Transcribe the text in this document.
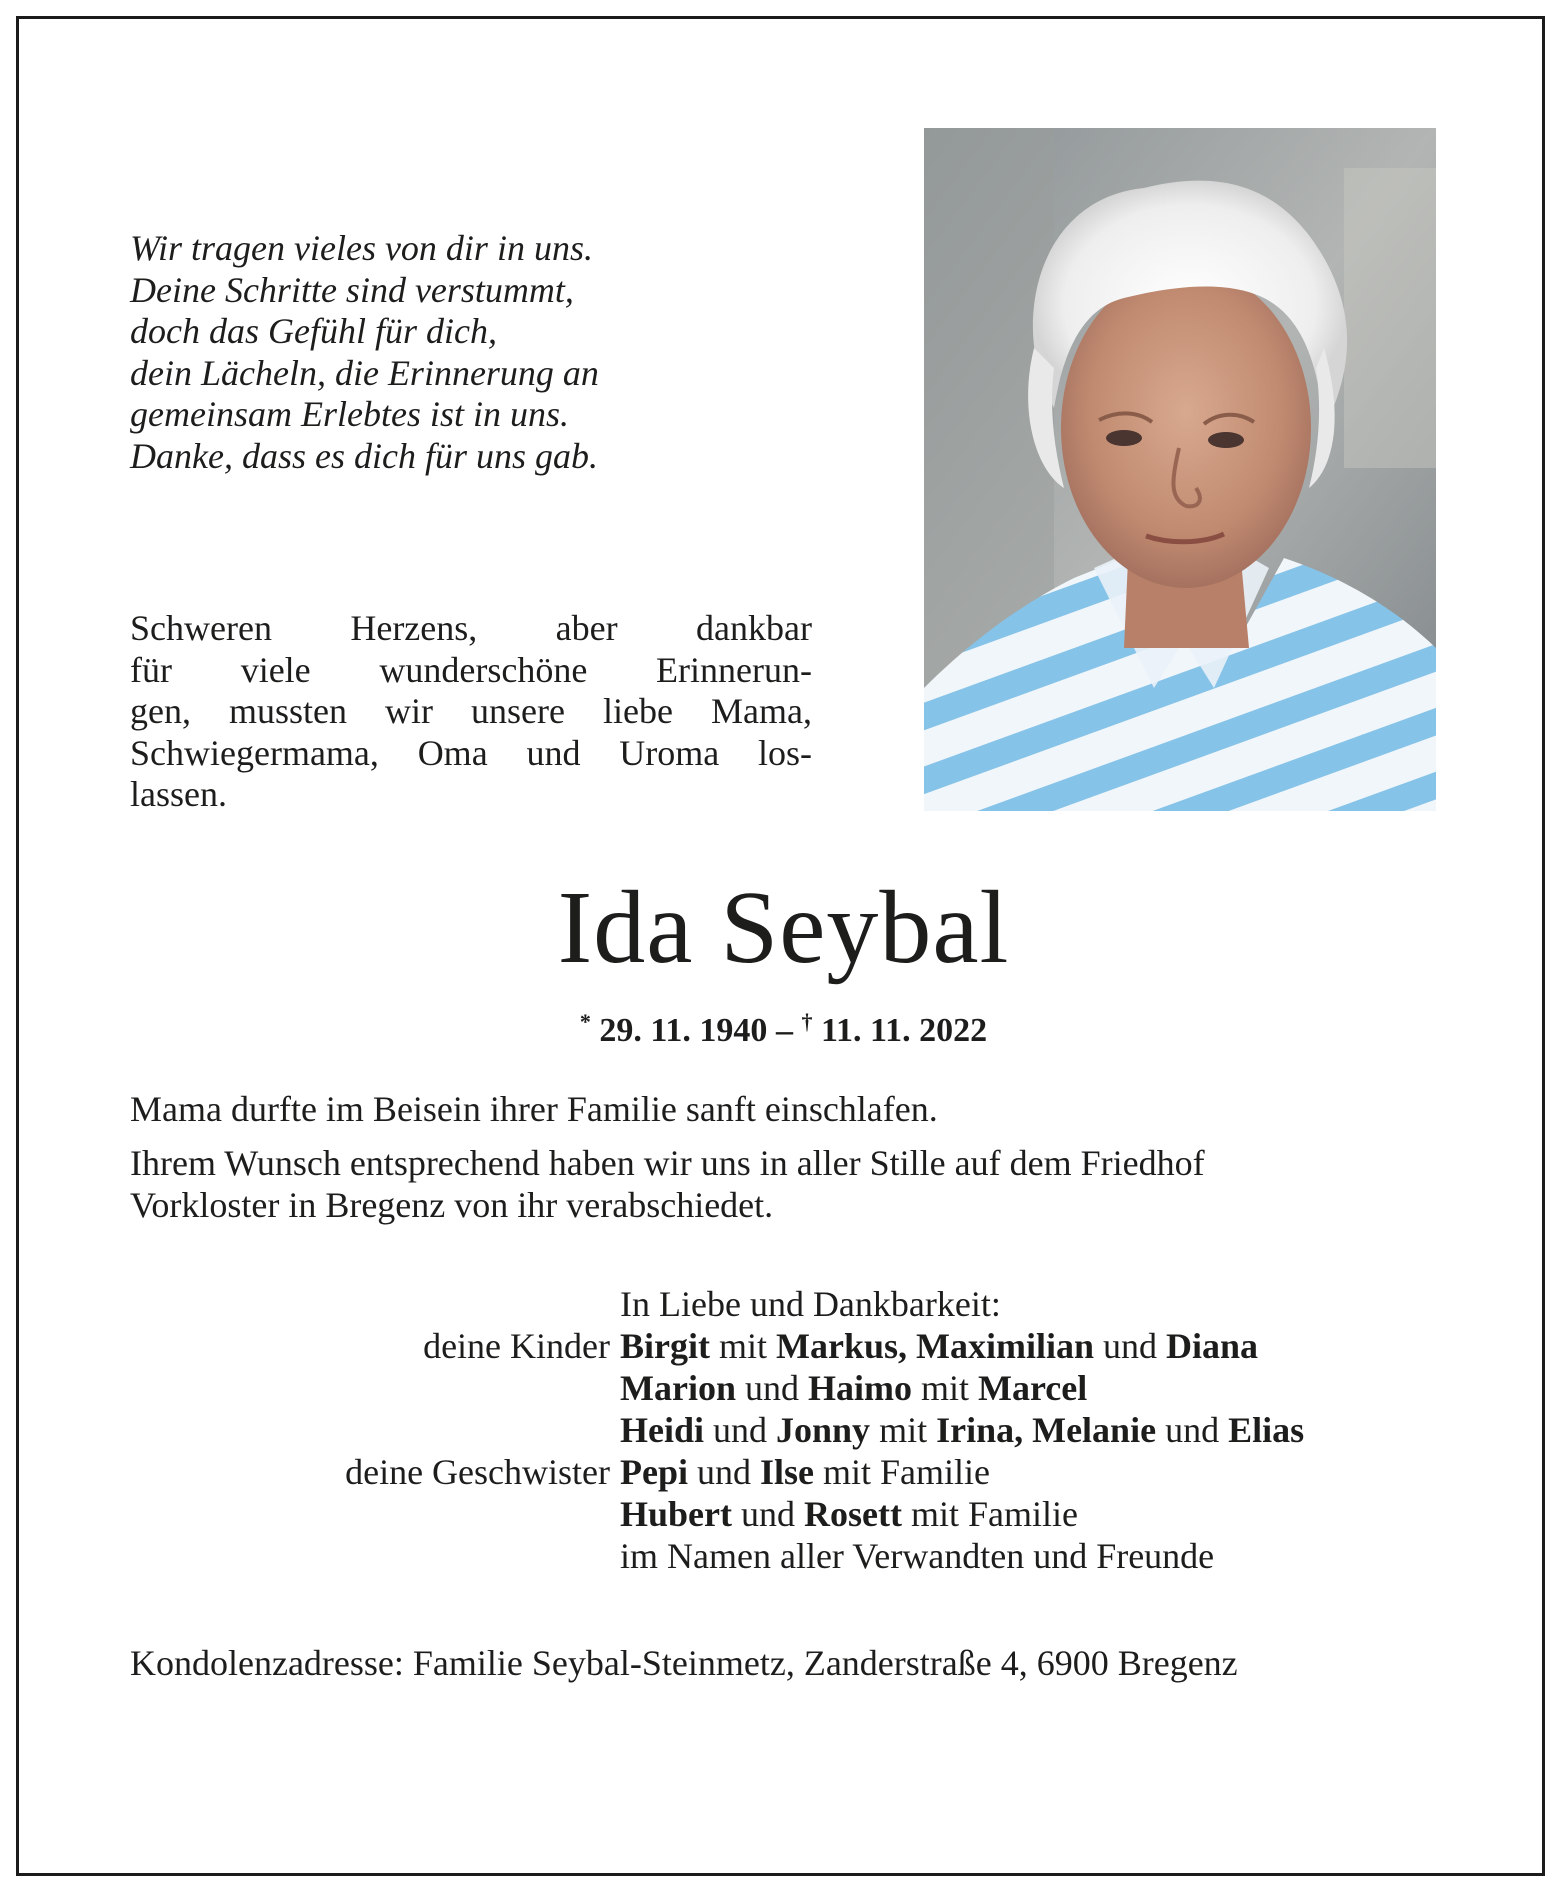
Wir tragen vieles von dir in uns.
Deine Schritte sind verstummt,
doch das Gefühl für dich,
dein Lächeln, die Erinnerung an
gemeinsam Erlebtes ist in uns.
Danke, dass es dich für uns gab.
Schweren Herzens, aber dankbar
für viele wunderschöne Erinnerun-
gen, mussten wir unsere liebe Mama,
Schwiegermama, Oma und Uroma los-
lassen.
Ida Seybal
* 29. 11. 1940 – † 11. 11. 2022
Mama durfte im Beisein ihrer Familie sanft einschlafen.
Ihrem Wunsch entsprechend haben wir uns in aller Stille auf dem Friedhof
Vorkloster in Bregenz von ihr verabschiedet.
In Liebe und Dankbarkeit:
deine Kinder Birgit mit Markus, Maximilian und Diana
Marion und Haimo mit Marcel
Heidi und Jonny mit Irina, Melanie und Elias
deine Geschwister Pepi und Ilse mit Familie
Hubert und Rosett mit Familie
im Namen aller Verwandten und Freunde
Kondolenzadresse: Familie Seybal-Steinmetz, Zanderstraße 4, 6900 Bregenz
